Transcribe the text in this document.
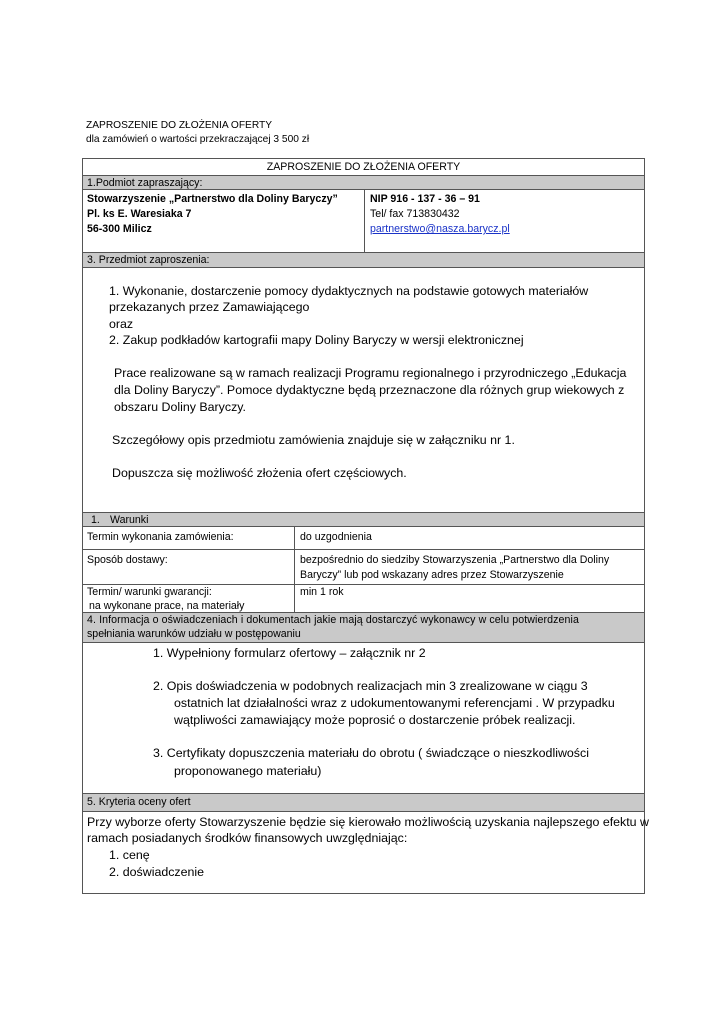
ZAPROSZENIE DO ZŁOŻENIA OFERTY
dla zamówień o wartości przekraczającej 3 500 zł
ZAPROSZENIE DO ZŁOŻENIA OFERTY
1.Podmiot zapraszający:
Stowarzyszenie „Partnerstwo dla Doliny Baryczy”
Pl. ks E. Waresiaka 7
56-300 Milicz
NIP 916 - 137 - 36 – 91
Tel/ fax 713830432
partnerstwo@nasza.barycz.pl
3. Przedmiot zaproszenia:
1. Wykonanie, dostarczenie pomocy dydaktycznych na podstawie gotowych materiałów
przekazanych przez Zamawiającego
oraz
2. Zakup podkładów kartografii mapy Doliny Baryczy w wersji elektronicznej
Prace realizowane są w ramach realizacji Programu regionalnego i przyrodniczego „Edukacja
dla Doliny Baryczy”. Pomoce dydaktyczne będą przeznaczone dla różnych grup wiekowych z
obszaru Doliny Baryczy.
Szczegółowy opis przedmiotu zamówienia znajduje się w załączniku nr 1.
Dopuszcza się możliwość złożenia ofert częściowych.
1. Warunki
Termin wykonania zamówienia:	do uzgodnienia
Sposób dostawy:	bezpośrednio do siedziby Stowarzyszenia „Partnerstwo dla Doliny
Baryczy” lub pod wskazany adres przez Stowarzyszenie
Termin/ warunki gwarancji:
na wykonane prace, na materiały
min 1 rok
4. Informacja o oświadczeniach i dokumentach jakie mają dostarczyć wykonawcy w celu potwierdzenia
spełniania warunków udziału w postępowaniu
1. Wypełniony formularz ofertowy – załącznik nr 2
2. Opis doświadczenia w podobnych realizacjach min 3 zrealizowane w ciągu 3
ostatnich lat działalności wraz z udokumentowanymi referencjami . W przypadku
wątpliwości zamawiający może poprosić o dostarczenie próbek realizacji.
3. Certyfikaty dopuszczenia materiału do obrotu ( świadczące o nieszkodliwości
proponowanego materiału)
5. Kryteria oceny ofert
Przy wyborze oferty Stowarzyszenie będzie się kierowało możliwością uzyskania najlepszego efektu w
ramach posiadanych środków finansowych uwzględniając:
1. cenę
2. doświadczenie
